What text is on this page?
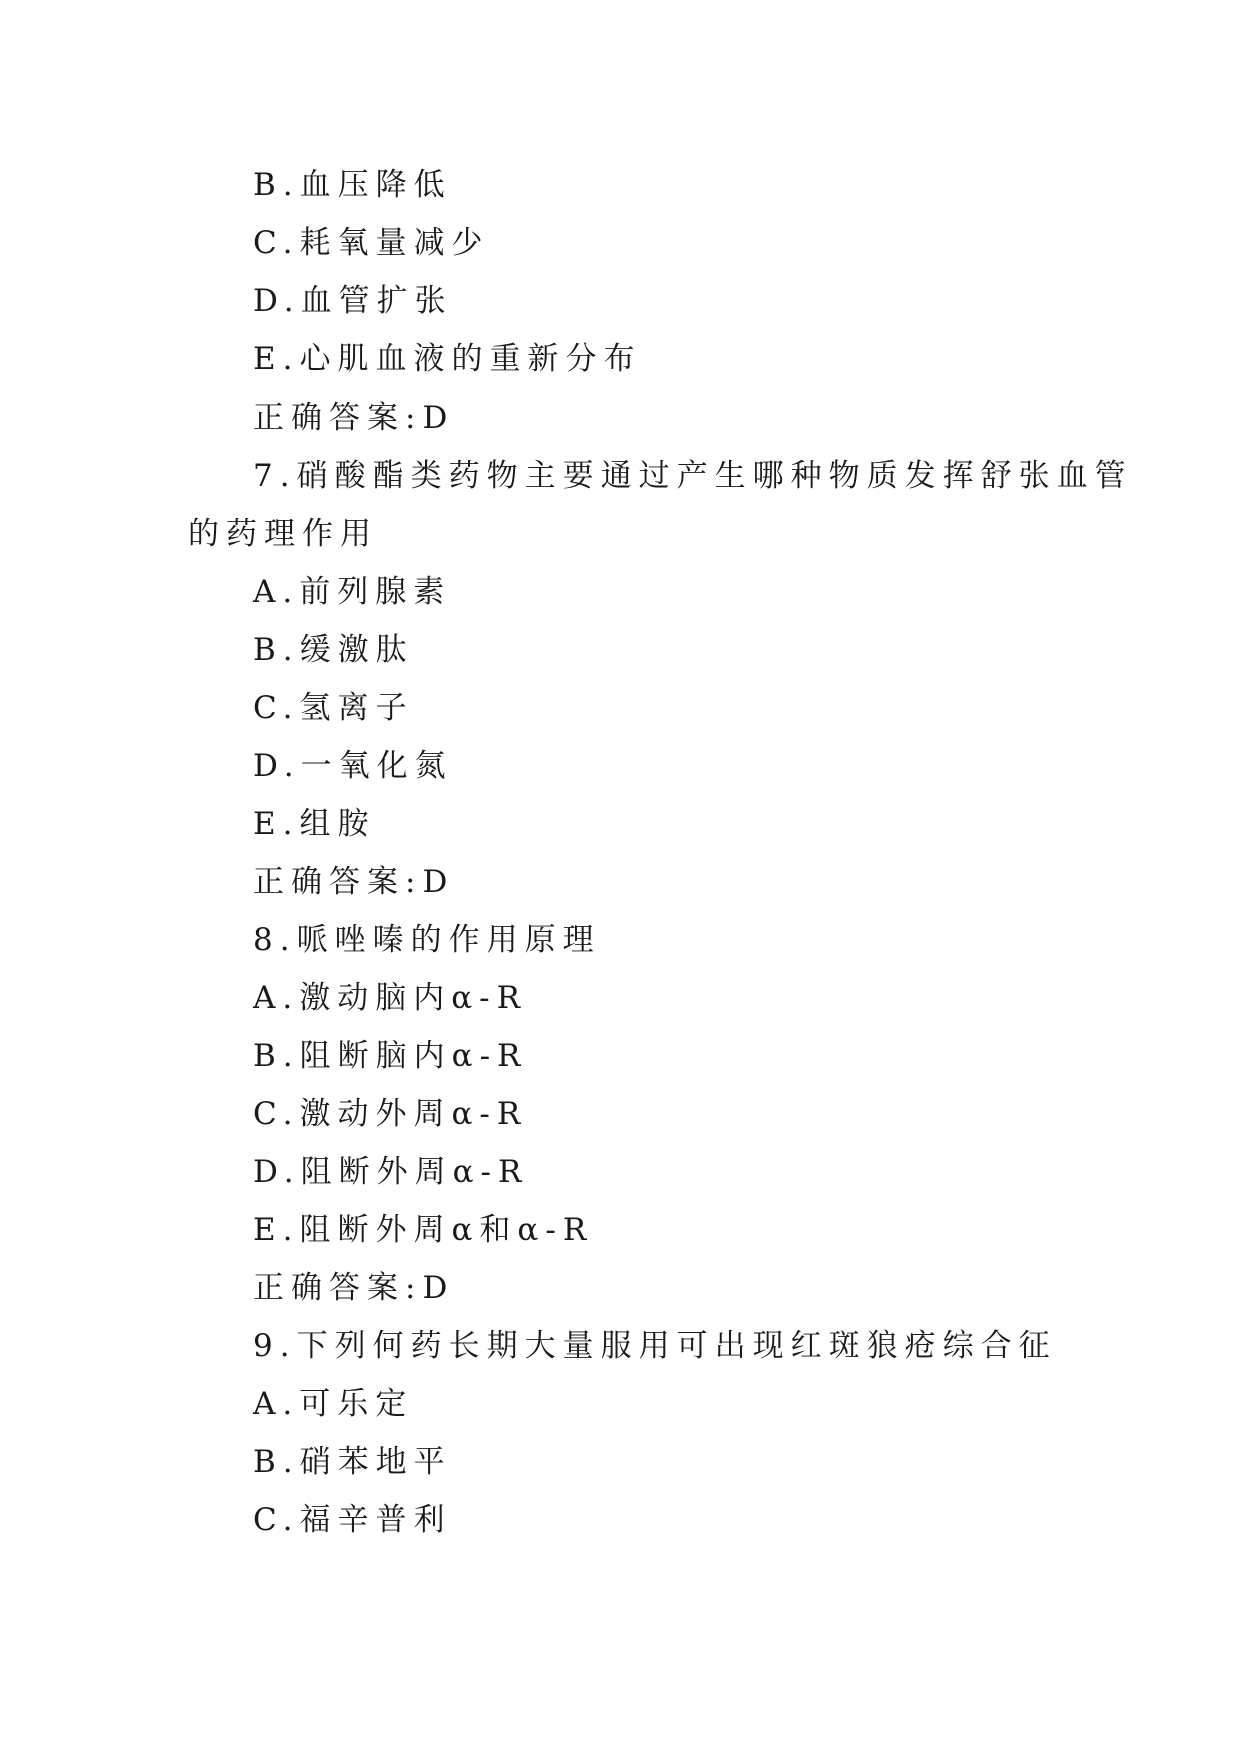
B.血压降低
C.耗氧量减少
D.血管扩张
E.心肌血液的重新分布
正确答案:D
7.硝酸酯类药物主要通过产生哪种物质发挥舒张血管
的药理作用
A.前列腺素
B.缓激肽
C.氢离子
D.一氧化氮
E.组胺
正确答案:D
8.哌唑嗪的作用原理
A.激动脑内α-R
B.阻断脑内α-R
C.激动外周α-R
D.阻断外周α-R
E.阻断外周α和α-R
正确答案:D
9.下列何药长期大量服用可出现红斑狼疮综合征
A.可乐定
B.硝苯地平
C.福辛普利
